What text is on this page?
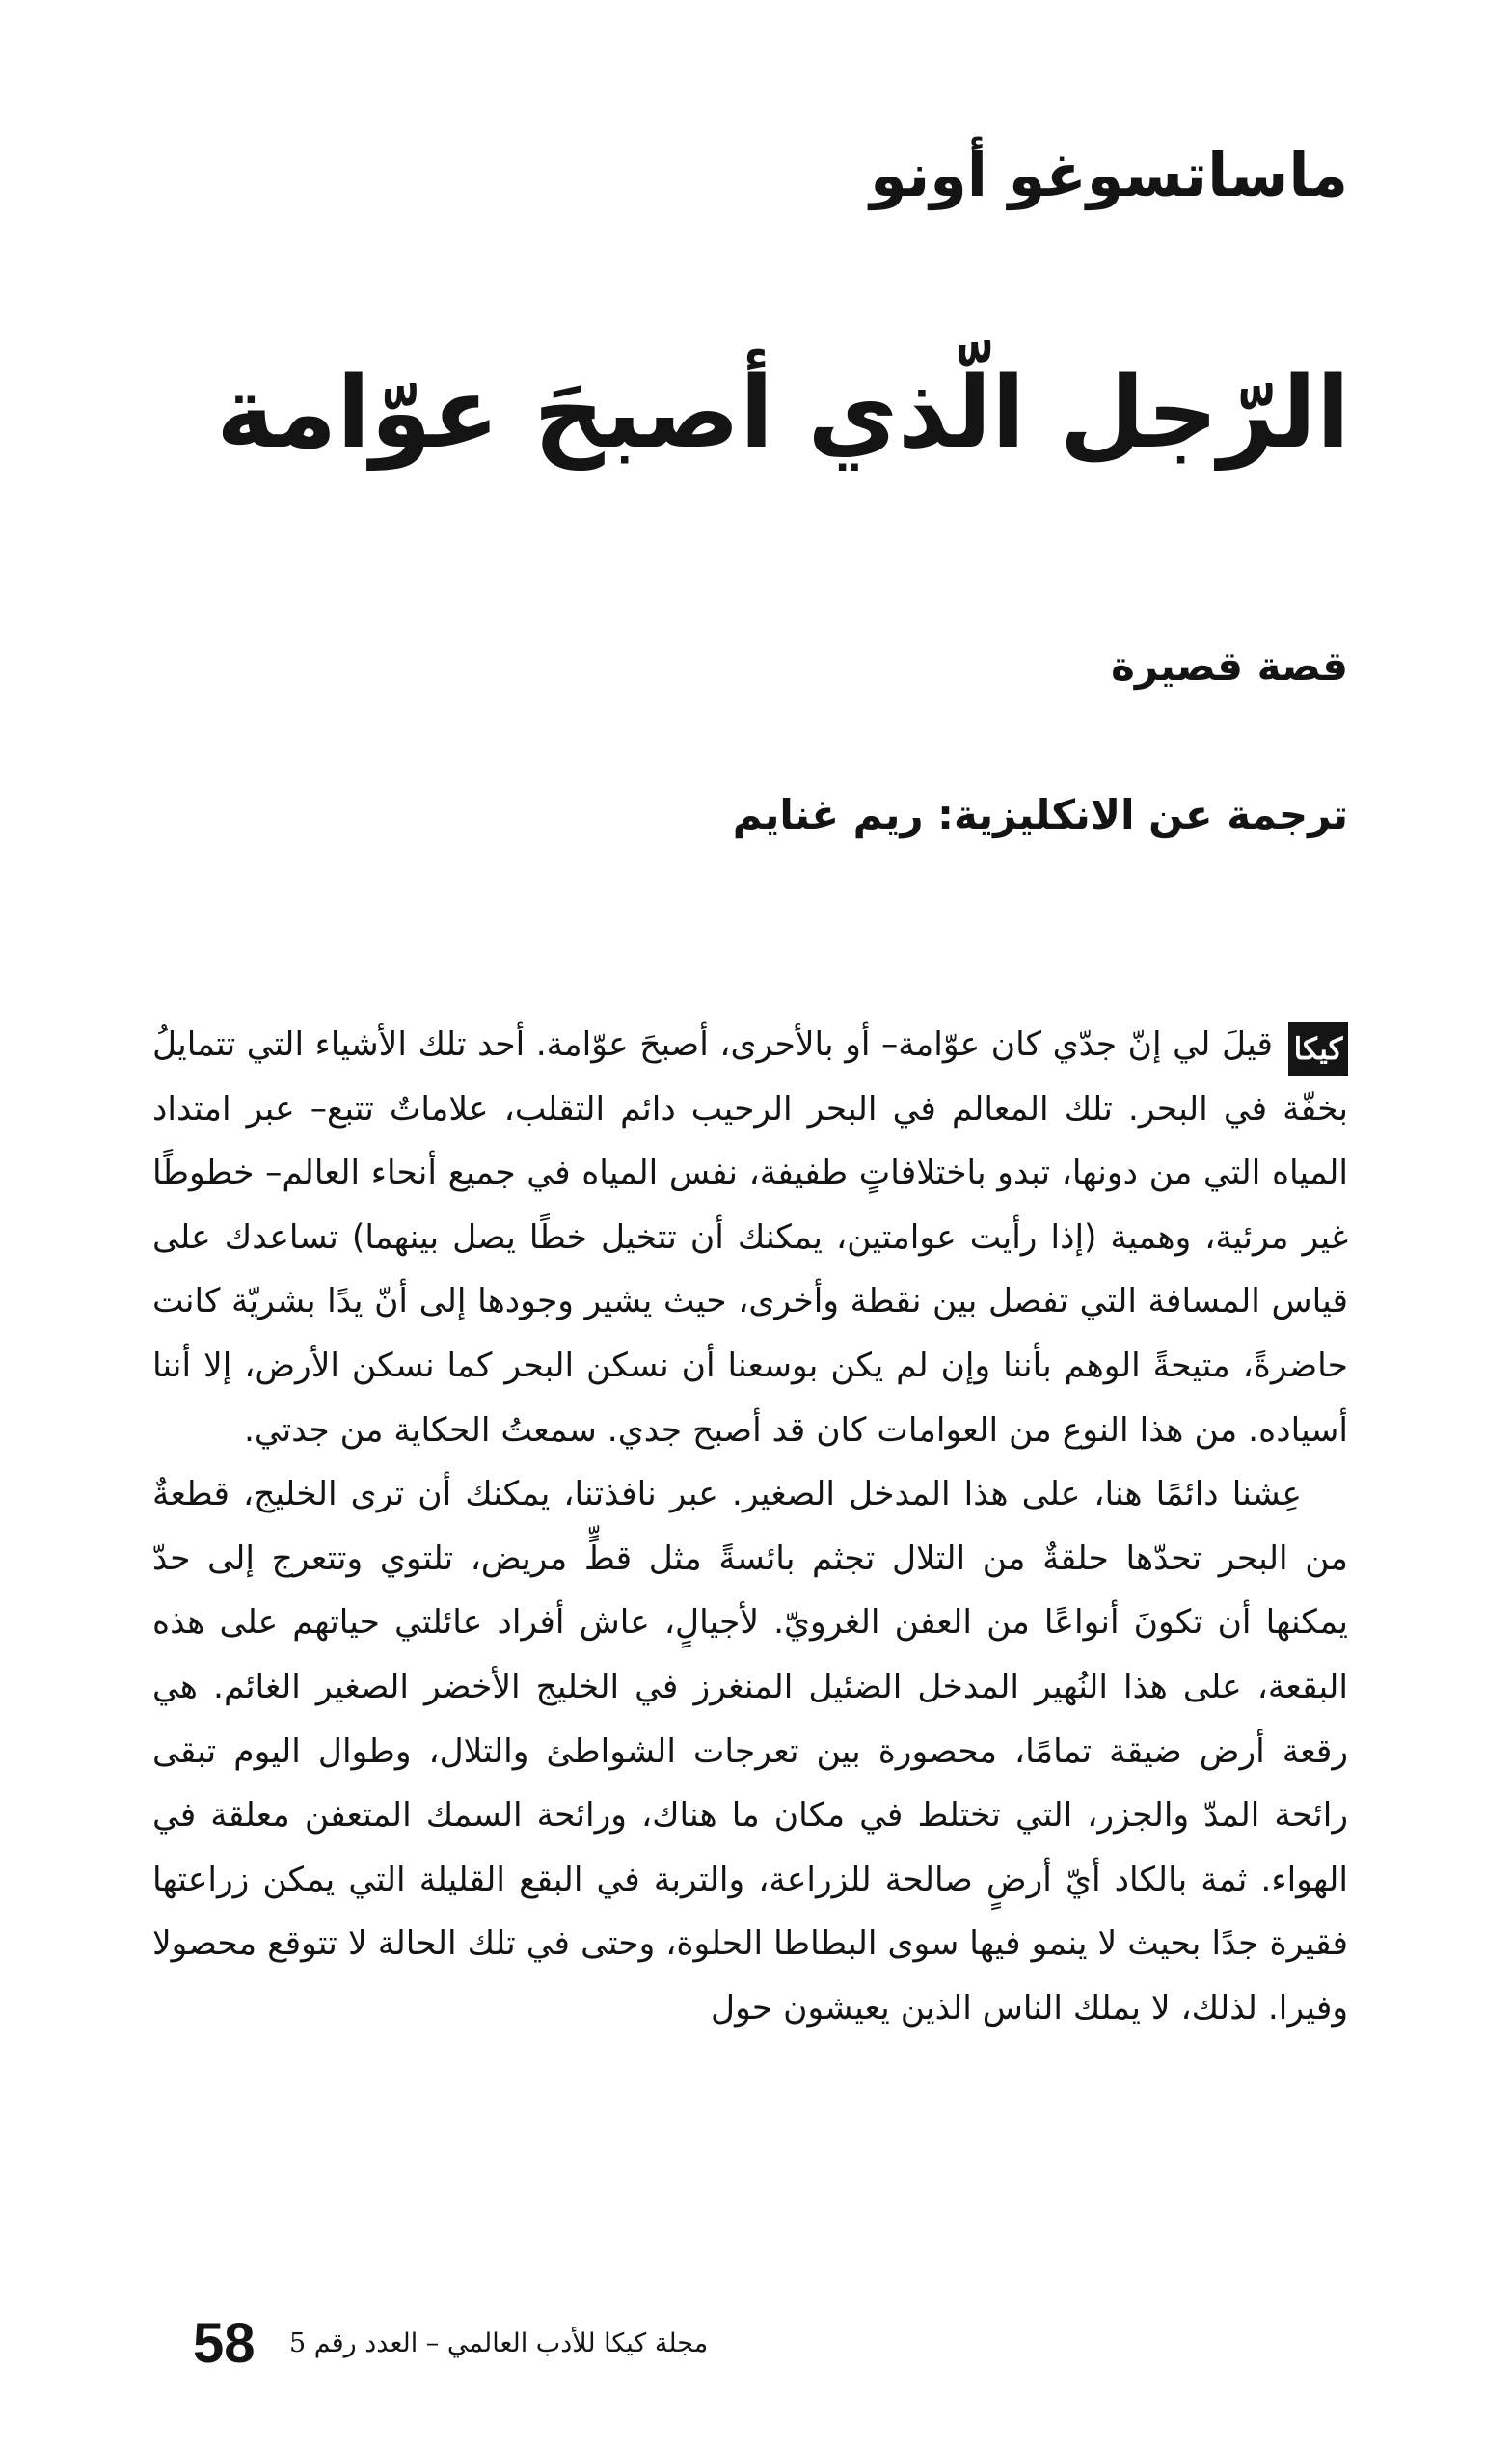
ماساتسوغو أونو
الرّجل الّذي أصبحَ عوّامة
قصة قصيرة
ترجمة عن الانكليزية: ريم غنايم

كيكا
قيلَ لي إنّ جدّي كان عوّامة– أو بالأحرى، أصبحَ عوّامة. أحد تلك الأشياء التي تتمايلُ بخفّة في البحر. تلك المعالم في البحر الرحيب دائم التقلب، علاماتٌ تتبع– عبر امتداد المياه التي من دونها، تبدو باختلافاتٍ طفيفة، نفس المياه في جميع أنحاء العالم– خطوطًا غير مرئية، وهمية (إذا رأيت عوامتين، يمكنك أن تتخيل خطًا يصل بينهما) تساعدك على قياس المسافة التي تفصل بين نقطة وأخرى، حيث يشير وجودها إلى أنّ يدًا بشريّة كانت حاضرةً، متيحةً الوهم بأننا وإن لم يكن بوسعنا أن نسكن البحر كما نسكن الأرض، إلا أننا أسياده. من هذا النوع من العوامات كان قد أصبح جدي. سمعتُ الحكاية من جدتي.

عِشنا دائمًا هنا، على هذا المدخل الصغير. عبر نافذتنا، يمكنك أن ترى الخليج، قطعةٌ من البحر تحدّها حلقةٌ من التلال تجثم بائسةً مثل قطٍّ مريض، تلتوي وتتعرج إلى حدّ يمكنها أن تكونَ أنواعًا من العفن الغرويّ. لأجيالٍ، عاش أفراد عائلتي حياتهم على هذه البقعة، على هذا النُهير المدخل الضئيل المنغرز في الخليج الأخضر الصغير الغائم. هي رقعة أرض ضيقة تمامًا، محصورة بين تعرجات الشواطئ والتلال، وطوال اليوم تبقى رائحة المدّ والجزر، التي تختلط في مكان ما هناك، ورائحة السمك المتعفن معلقة في الهواء. ثمة بالكاد أيّ أرضٍ صالحة للزراعة، والتربة في البقع القليلة التي يمكن زراعتها فقيرة جدًا بحيث لا ينمو فيها سوى البطاطا الحلوة، وحتى في تلك الحالة لا تتوقع محصولا وفيرا. لذلك، لا يملك الناس الذين يعيشون حول

58 مجلة كيكا للأدب العالمي – العدد رقم 5
